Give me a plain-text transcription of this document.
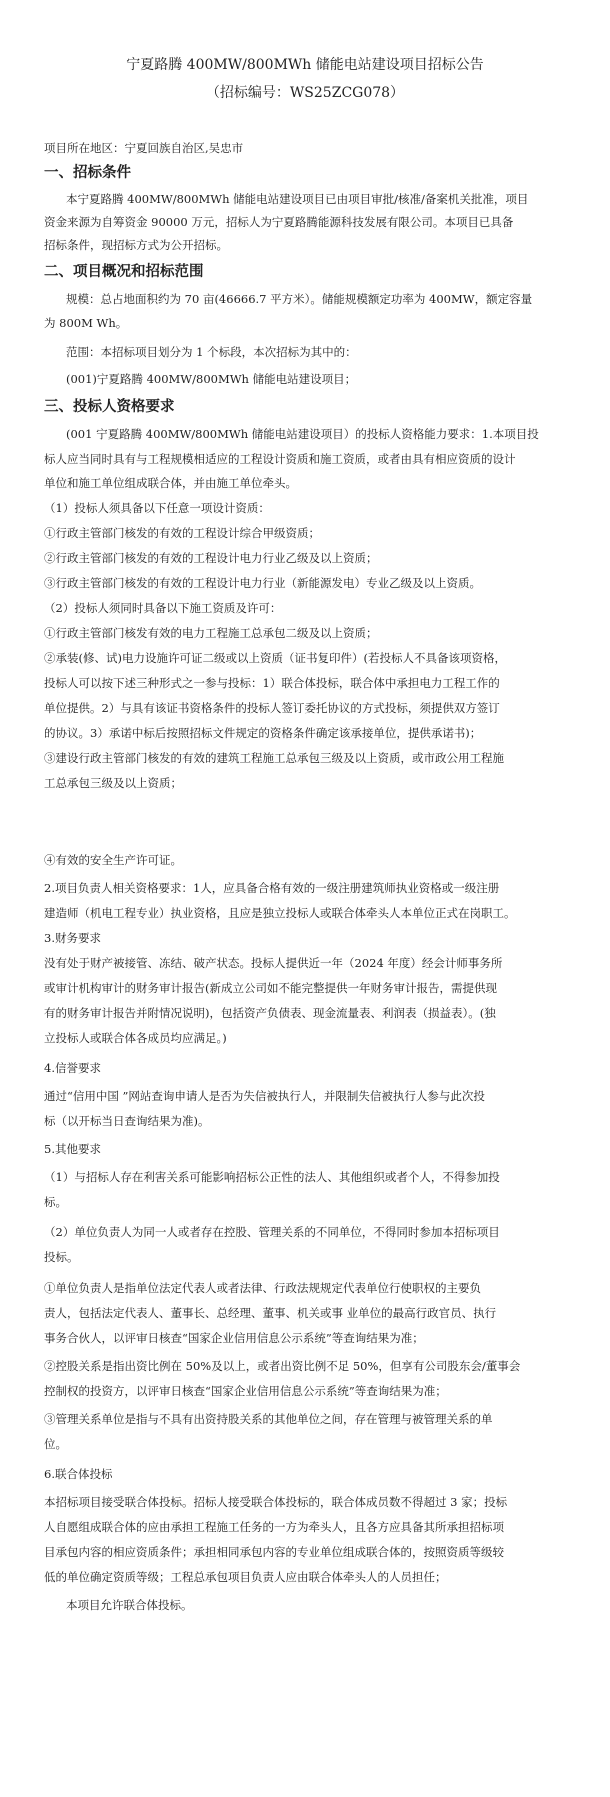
宁夏路腾 400MW/800MWh 储能电站建设项目招标公告
（招标编号：WS25ZCG078）
项目所在地区：宁夏回族自治区,吴忠市
一、招标条件
本宁夏路腾 400MW/800MWh 储能电站建设项目已由项目审批/核准/备案机关批准，项目
资金来源为自筹资金 90000 万元，招标人为宁夏路腾能源科技发展有限公司。本项目已具备
招标条件，现招标方式为公开招标。
二、项目概况和招标范围
规模：总占地面积约为 70 亩(46666.7 平方米）。储能规模额定功率为 400MW，额定容量
为 800M Wh。
范围：本招标项目划分为 1 个标段，本次招标为其中的：
(001)宁夏路腾 400MW/800MWh 储能电站建设项目；
三、投标人资格要求
(001 宁夏路腾 400MW/800MWh 储能电站建设项目）的投标人资格能力要求：1.本项目投
标人应当同时具有与工程规模相适应的工程设计资质和施工资质，或者由具有相应资质的设计
单位和施工单位组成联合体，并由施工单位牵头。
（1）投标人须具备以下任意一项设计资质：
①行政主管部门核发的有效的工程设计综合甲级资质；
②行政主管部门核发的有效的工程设计电力行业乙级及以上资质；
③行政主管部门核发的有效的工程设计电力行业（新能源发电）专业乙级及以上资质。
（2）投标人须同时具备以下施工资质及许可：
①行政主管部门核发有效的电力工程施工总承包二级及以上资质；
②承装(修、试)电力设施许可证二级或以上资质（证书复印件）(若投标人不具备该项资格，
投标人可以按下述三种形式之一参与投标：1）联合体投标，联合体中承担电力工程工作的
单位提供。2）与具有该证书资格条件的投标人签订委托协议的方式投标，须提供双方签订
的协议。3）承诺中标后按照招标文件规定的资格条件确定该承接单位，提供承诺书)；
③建设行政主管部门核发的有效的建筑工程施工总承包三级及以上资质，或市政公用工程施
工总承包三级及以上资质；
④有效的安全生产许可证。
2.项目负责人相关资格要求：1人，应具备合格有效的一级注册建筑师执业资格或一级注册
建造师（机电工程专业）执业资格，且应是独立投标人或联合体牵头人本单位正式在岗职工。
3.财务要求
没有处于财产被接管、冻结、破产状态。投标人提供近一年（2024 年度）经会计师事务所
或审计机构审计的财务审计报告(新成立公司如不能完整提供一年财务审计报告，需提供现
有的财务审计报告并附情况说明)，包括资产负债表、现金流量表、利润表（损益表）。(独
立投标人或联合体各成员均应满足。)
4.信誉要求
通过“信用中国 ”网站查询申请人是否为失信被执行人，并限制失信被执行人参与此次投
标（以开标当日查询结果为准)。
5.其他要求
（1）与招标人存在利害关系可能影响招标公正性的法人、其他组织或者个人，不得参加投
标。
（2）单位负责人为同一人或者存在控股、管理关系的不同单位，不得同时参加本招标项目
投标。
①单位负责人是指单位法定代表人或者法律、行政法规规定代表单位行使职权的主要负
责人，包括法定代表人、董事长、总经理、董事、机关或事 业单位的最高行政官员、执行
事务合伙人，以评审日核查“国家企业信用信息公示系统”等查询结果为准；
②控股关系是指出资比例在 50%及以上，或者出资比例不足 50%，但享有公司股东会/董事会
控制权的投资方，以评审日核查“国家企业信用信息公示系统”等查询结果为准；
③管理关系单位是指与不具有出资持股关系的其他单位之间，存在管理与被管理关系的单
位。
6.联合体投标
本招标项目接受联合体投标。招标人接受联合体投标的，联合体成员数不得超过 3 家；投标
人自愿组成联合体的应由承担工程施工任务的一方为牵头人，且各方应具备其所承担招标项
目承包内容的相应资质条件；承担相同承包内容的专业单位组成联合体的，按照资质等级较
低的单位确定资质等级；工程总承包项目负责人应由联合体牵头人的人员担任；
本项目允许联合体投标。
